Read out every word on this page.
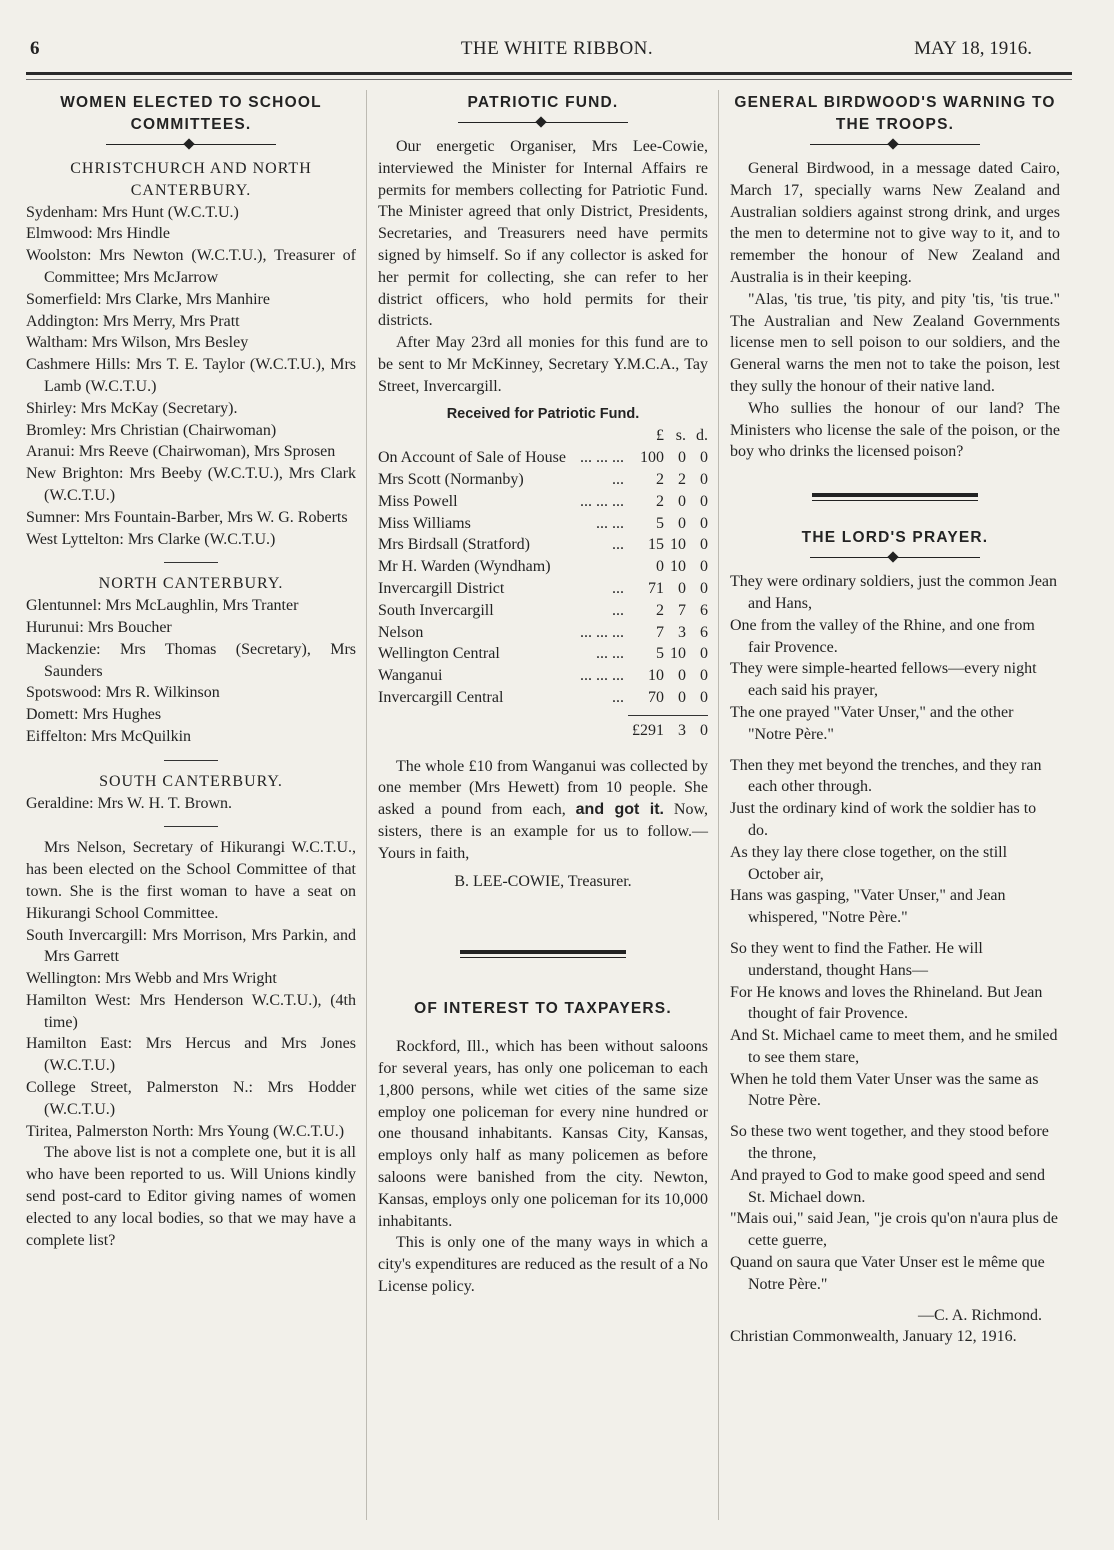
6	THE WHITE RIBBON.	MAY 18, 1916.
WOMEN ELECTED TO SCHOOL COMMITTEES.
CHRISTCHURCH AND NORTH CANTERBURY.

Sydenham: Mrs Hunt (W.C.T.U.)

Elmwood: Mrs Hindle

Woolston: Mrs Newton (W.C.T.U.), Treasurer of Committee; Mrs McJarrow

Somerfield: Mrs Clarke, Mrs Manhire

Addington: Mrs Merry, Mrs Pratt

Waltham: Mrs Wilson, Mrs Besley

Cashmere Hills: Mrs T. E. Taylor (W.C.T.U.), Mrs Lamb (W.C.T.U.)

Shirley: Mrs McKay (Secretary).

Bromley: Mrs Christian (Chairwoman)

Aranui: Mrs Reeve (Chairwoman), Mrs Sprosen

New Brighton: Mrs Beeby (W.C.T.U.), Mrs Clark (W.C.T.U.)

Sumner: Mrs Fountain-Barber, Mrs W. G. Roberts

West Lyttelton: Mrs Clarke (W.C.T.U.)

NORTH CANTERBURY.

Glentunnel: Mrs McLaughlin, Mrs Tranter

Hurunui: Mrs Boucher

Mackenzie: Mrs Thomas (Secretary), Mrs Saunders

Spotswood: Mrs R. Wilkinson

Domett: Mrs Hughes

Eiffelton: Mrs McQuilkin

SOUTH CANTERBURY.

Geraldine: Mrs W. H. T. Brown.

Mrs Nelson, Secretary of Hikurangi W.C.T.U., has been elected on the School Committee of that town. She is the first woman to have a seat on Hikurangi School Committee.

South Invercargill: Mrs Morrison, Mrs Parkin, and Mrs Garrett

Wellington: Mrs Webb and Mrs Wright

Hamilton West: Mrs Henderson W.C.T.U.), (4th time)

Hamilton East: Mrs Hercus and Mrs Jones (W.C.T.U.)

College Street, Palmerston N.: Mrs Hodder (W.C.T.U.)

Tiritea, Palmerston North: Mrs Young (W.C.T.U.)

The above list is not a complete one, but it is all who have been reported to us. Will Unions kindly send post-card to Editor giving names of women elected to any local bodies, so that we may have a complete list?

PATRIOTIC FUND.

Our energetic Organiser, Mrs Lee-Cowie, interviewed the Minister for Internal Affairs re permits for members collecting for Patriotic Fund. The Minister agreed that only District, Presidents, Secretaries, and Treasurers need have permits signed by himself. So if any collector is asked for her permit for collecting, she can refer to her district officers, who hold permits for their districts.

After May 23rd all monies for this fund are to be sent to Mr McKinney, Secretary Y.M.C.A., Tay Street, Invercargill.

Received for Patriotic Fund.
	£	s.	d.
On Account of Sale of House ... ... ...	100	0	0
Mrs Scott (Normanby) ...	2	2	0
Miss Powell ... ... ...	2	0	0
Miss Williams ... ...	5	0	0
Mrs Birdsall (Stratford) ...	15	10	0
Mr H. Warden (Wyndham)	0	10	0
Invercargill District ...	71	0	0
South Invercargill ...	2	7	6
Nelson ... ... ...	7	3	6
Wellington Central ... ...	5	10	0
Wanganui ... ... ...	10	0	0
Invercargill Central ...	70	0	0
	£291	3	0

The whole £10 from Wanganui was collected by one member (Mrs Hewett) from 10 people. She asked a pound from each, and got it. Now, sisters, there is an example for us to follow.—Yours in faith,

B. LEE-COWIE, Treasurer.
OF INTEREST TO TAXPAYERS.

Rockford, Ill., which has been without saloons for several years, has only one policeman to each 1,800 persons, while wet cities of the same size employ one policeman for every nine hundred or one thousand inhabitants. Kansas City, Kansas, employs only half as many policemen as before saloons were banished from the city. Newton, Kansas, employs only one policeman for its 10,000 inhabitants.

This is only one of the many ways in which a city's expenditures are reduced as the result of a No License policy.

GENERAL BIRDWOOD'S WARNING TO THE TROOPS.

General Birdwood, in a message dated Cairo, March 17, specially warns New Zealand and Australian soldiers against strong drink, and urges the men to determine not to give way to it, and to remember the honour of New Zealand and Australia is in their keeping.

"Alas, 'tis true, 'tis pity, and pity 'tis, 'tis true." The Australian and New Zealand Governments license men to sell poison to our soldiers, and the General warns the men not to take the poison, lest they sully the honour of their native land.

Who sullies the honour of our land? The Ministers who license the sale of the poison, or the boy who drinks the licensed poison?

THE LORD'S PRAYER.
They were ordinary soldiers, just the common Jean and Hans,
One from the valley of the Rhine, and one from fair Provence.
They were simple-hearted fellows—every night each said his prayer,
The one prayed "Vater Unser," and the other "Notre Père."
Then they met beyond the trenches, and they ran each other through.
Just the ordinary kind of work the soldier has to do.
As they lay there close together, on the still October air,
Hans was gasping, "Vater Unser," and Jean whispered, "Notre Père."
So they went to find the Father. He will understand, thought Hans—
For He knows and loves the Rhineland. But Jean thought of fair Provence.
And St. Michael came to meet them, and he smiled to see them stare,
When he told them Vater Unser was the same as Notre Père.
So these two went together, and they stood before the throne,
And prayed to God to make good speed and send St. Michael down.
"Mais oui," said Jean, "je crois qu'on n'aura plus de cette guerre,
Quand on saura que Vater Unser est le même que Notre Père."
—C. A. Richmond.

Christian Commonwealth, January 12, 1916.
